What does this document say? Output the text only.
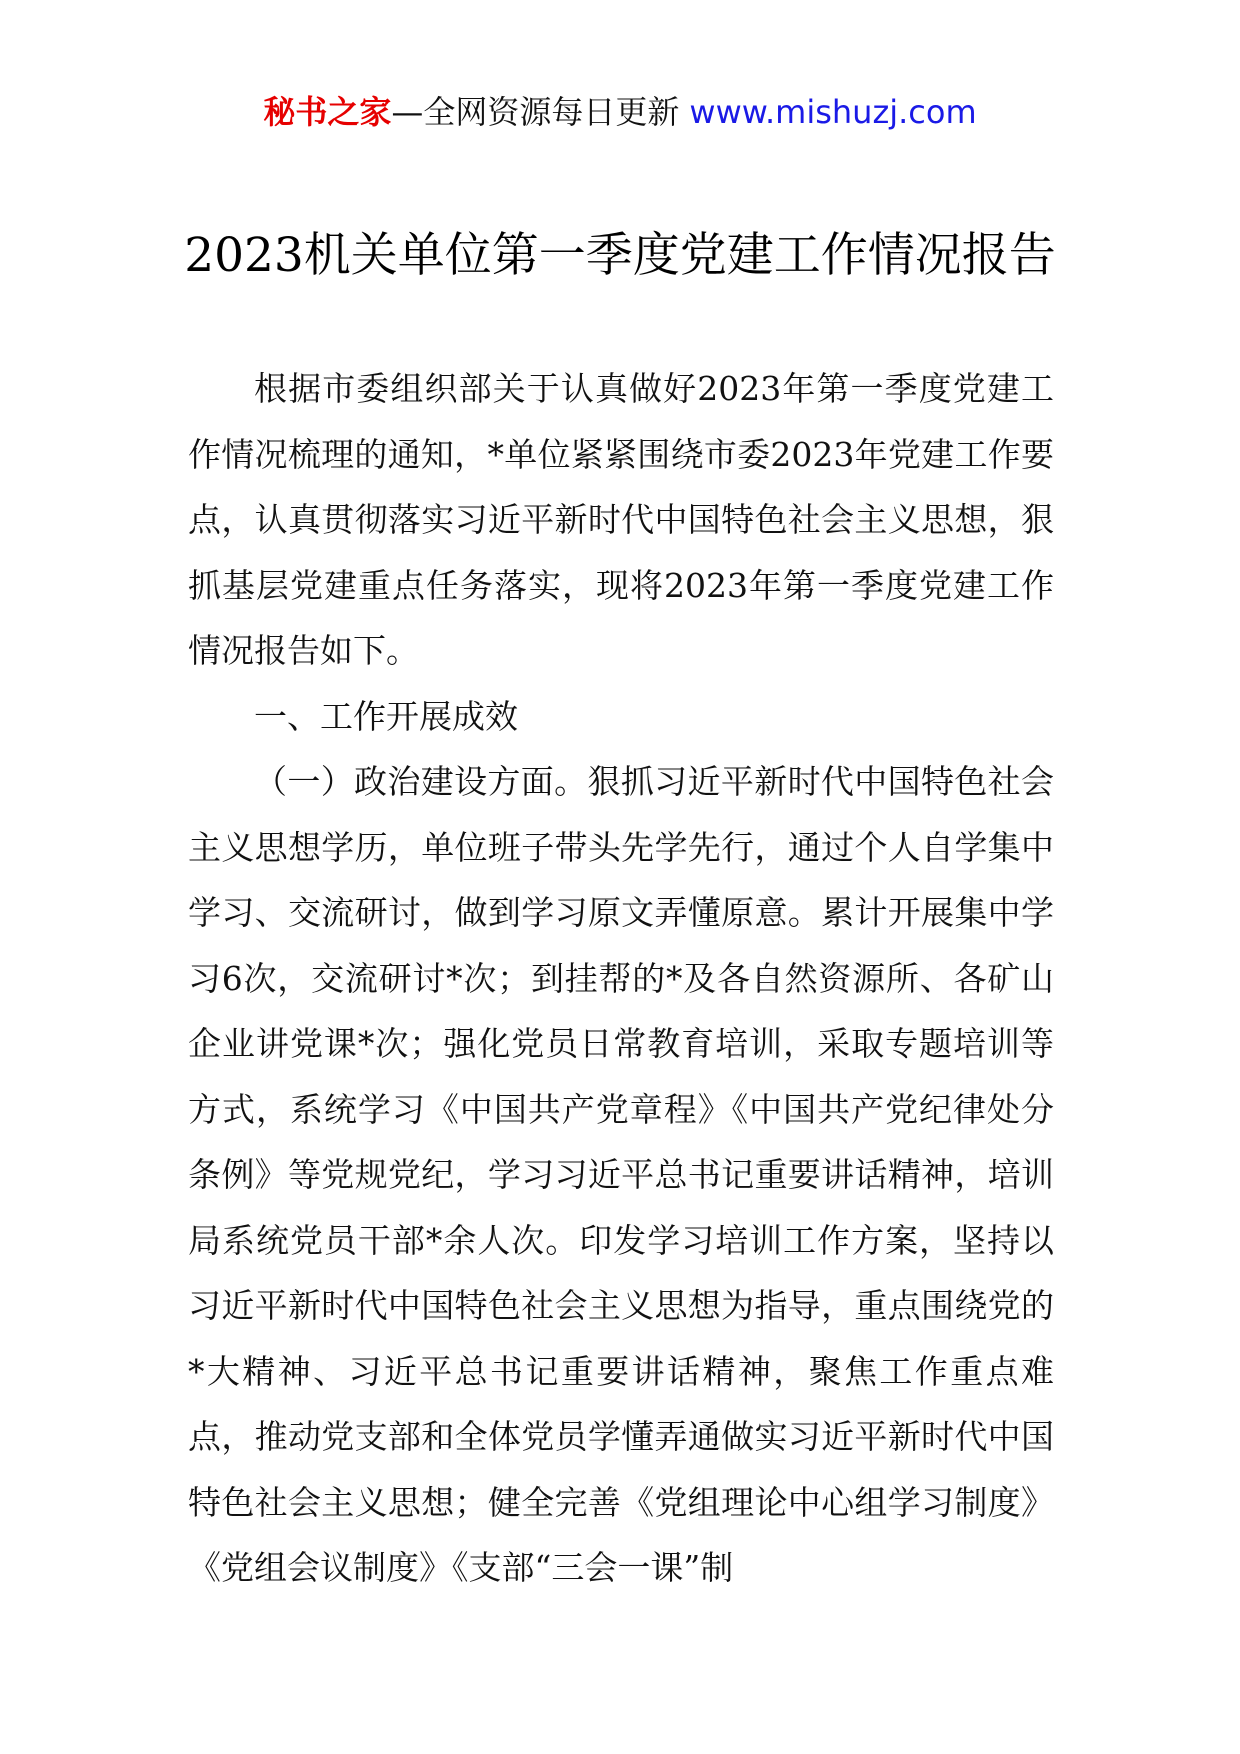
秘书之家—全网资源每日更新 www.mishuzj.com
2023机关单位第一季度党建工作情况报告

根据市委组织部关于认真做好2023年第一季度党建工作情况梳理的通知，*单位紧紧围绕市委2023年党建工作要点，认真贯彻落实习近平新时代中国特色社会主义思想，狠抓基层党建重点任务落实，现将2023年第一季度党建工作情况报告如下。

一、工作开展成效

（一）政治建设方面。狠抓习近平新时代中国特色社会主义思想学历，单位班子带头先学先行，通过个人自学集中学习、交流研讨，做到学习原文弄懂原意。累计开展集中学习6次，交流研讨*次；到挂帮的*及各自然资源所、各矿山企业讲党课*次；强化党员日常教育培训，采取专题培训等方式，系统学习《中国共产党章程》《中国共产党纪律处分条例》等党规党纪，学习习近平总书记重要讲话精神，培训局系统党员干部*余人次。印发学习培训工作方案，坚持以习近平新时代中国特色社会主义思想为指导，重点围绕党的*大精神、习近平总书记重要讲话精神，聚焦工作重点难点，推动党支部和全体党员学懂弄通做实习近平新时代中国特色社会主义思想；健全完善《党组理论中心组学习制度》《党组会议制度》《支部“三会一课”制
